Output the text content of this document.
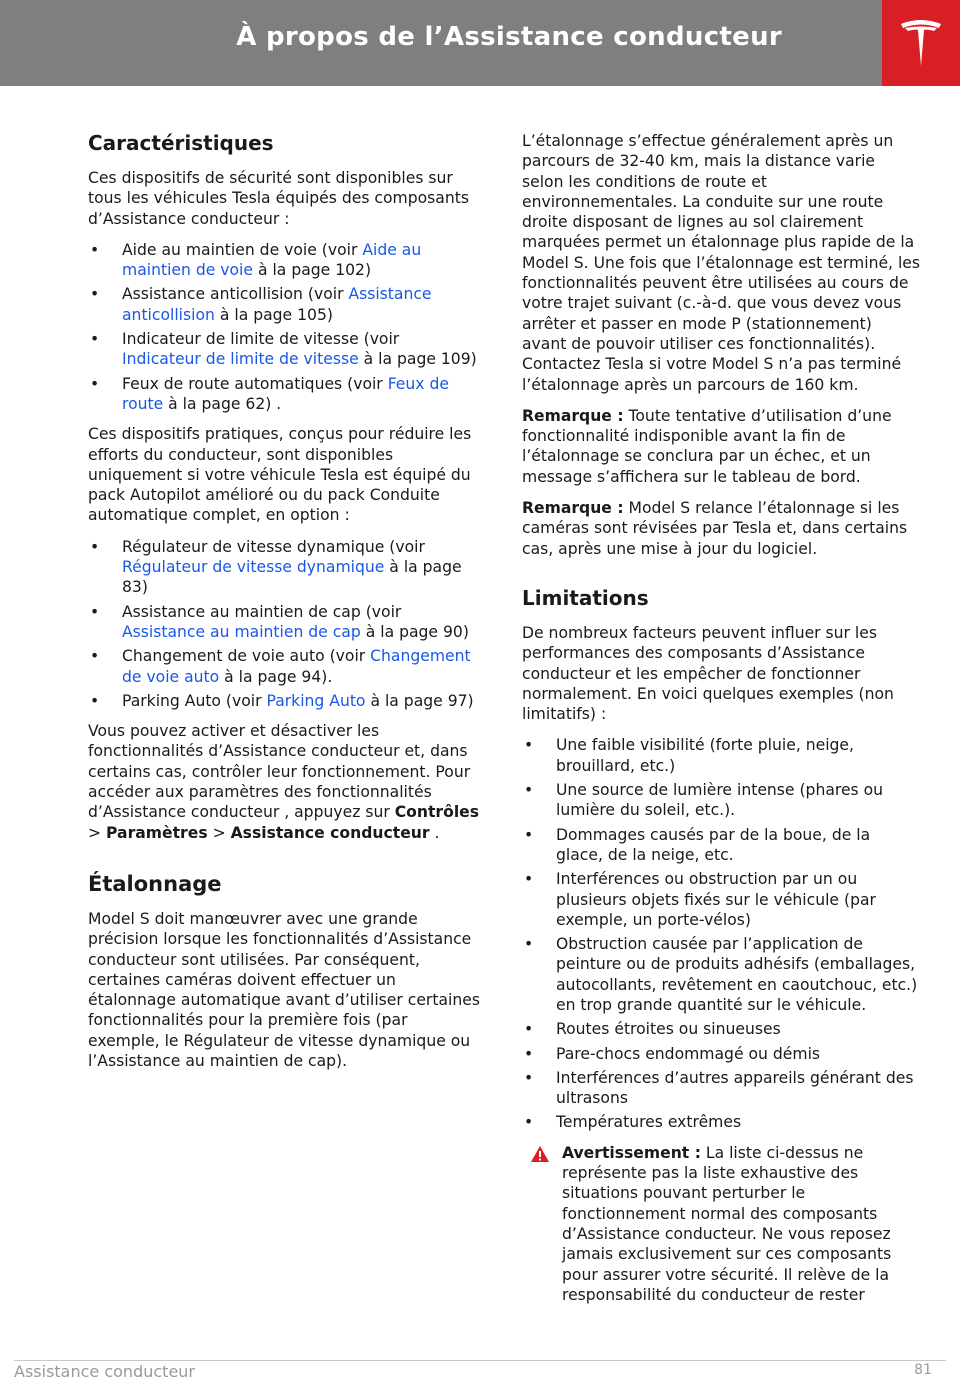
À propos de l’Assistance conducteur
Caractéristiques

Ces dispositifs de sécurité sont disponibles sur tous les véhicules Tesla équipés des composants d’Assistance conducteur :

• Aide au maintien de voie (voir Aide au maintien de voie à la page 102)
• Assistance anticollision (voir Assistance anticollision à la page 105)
• Indicateur de limite de vitesse (voir Indicateur de limite de vitesse à la page 109)
• Feux de route automatiques (voir Feux de route à la page 62) .

Ces dispositifs pratiques, conçus pour réduire les efforts du conducteur, sont disponibles uniquement si votre véhicule Tesla est équipé du pack Autopilot amélioré ou du pack Conduite automatique complet, en option :

• Régulateur de vitesse dynamique (voir Régulateur de vitesse dynamique à la page 83)
• Assistance au maintien de cap (voir Assistance au maintien de cap à la page 90)
• Changement de voie auto (voir Changement de voie auto à la page 94).
• Parking Auto (voir Parking Auto à la page 97)

Vous pouvez activer et désactiver les fonctionnalités d’Assistance conducteur et, dans certains cas, contrôler leur fonctionnement. Pour accéder aux paramètres des fonctionnalités d’Assistance conducteur , appuyez sur Contrôles > Paramètres > Assistance conducteur .

Étalonnage

Model S doit manœuvrer avec une grande précision lorsque les fonctionnalités d’Assistance conducteur sont utilisées. Par conséquent, certaines caméras doivent effectuer un étalonnage automatique avant d’utiliser certaines fonctionnalités pour la première fois (par exemple, le Régulateur de vitesse dynamique ou l’Assistance au maintien de cap).

L’étalonnage s’effectue généralement après un parcours de 32-40 km, mais la distance varie selon les conditions de route et environnementales. La conduite sur une route droite disposant de lignes au sol clairement marquées permet un étalonnage plus rapide de la Model S. Une fois que l’étalonnage est terminé, les fonctionnalités peuvent être utilisées au cours de votre trajet suivant (c.-à-d. que vous devez vous arrêter et passer en mode P (stationnement) avant de pouvoir utiliser ces fonctionnalités). Contactez Tesla si votre Model S n’a pas terminé l’étalonnage après un parcours de 160 km.

Remarque : Toute tentative d’utilisation d’une fonctionnalité indisponible avant la fin de l’étalonnage se conclura par un échec, et un message s’affichera sur le tableau de bord.

Remarque : Model S relance l’étalonnage si les caméras sont révisées par Tesla et, dans certains cas, après une mise à jour du logiciel.

Limitations

De nombreux facteurs peuvent influer sur les performances des composants d’Assistance conducteur et les empêcher de fonctionner normalement. En voici quelques exemples (non limitatifs) :

• Une faible visibilité (forte pluie, neige, brouillard, etc.)
• Une source de lumière intense (phares ou lumière du soleil, etc.).
• Dommages causés par de la boue, de la glace, de la neige, etc.
• Interférences ou obstruction par un ou plusieurs objets fixés sur le véhicule (par exemple, un porte-vélos)
• Obstruction causée par l’application de peinture ou de produits adhésifs (emballages, autocollants, revêtement en caoutchouc, etc.) en trop grande quantité sur le véhicule.
• Routes étroites ou sinueuses
• Pare-chocs endommagé ou démis
• Interférences d’autres appareils générant des ultrasons
• Températures extrêmes
Avertissement : La liste ci-dessus ne représente pas la liste exhaustive des situations pouvant perturber le fonctionnement normal des composants d’Assistance conducteur. Ne vous reposez jamais exclusivement sur ces composants pour assurer votre sécurité. Il relève de la responsabilité du conducteur de rester
Assistance conducteur	81
